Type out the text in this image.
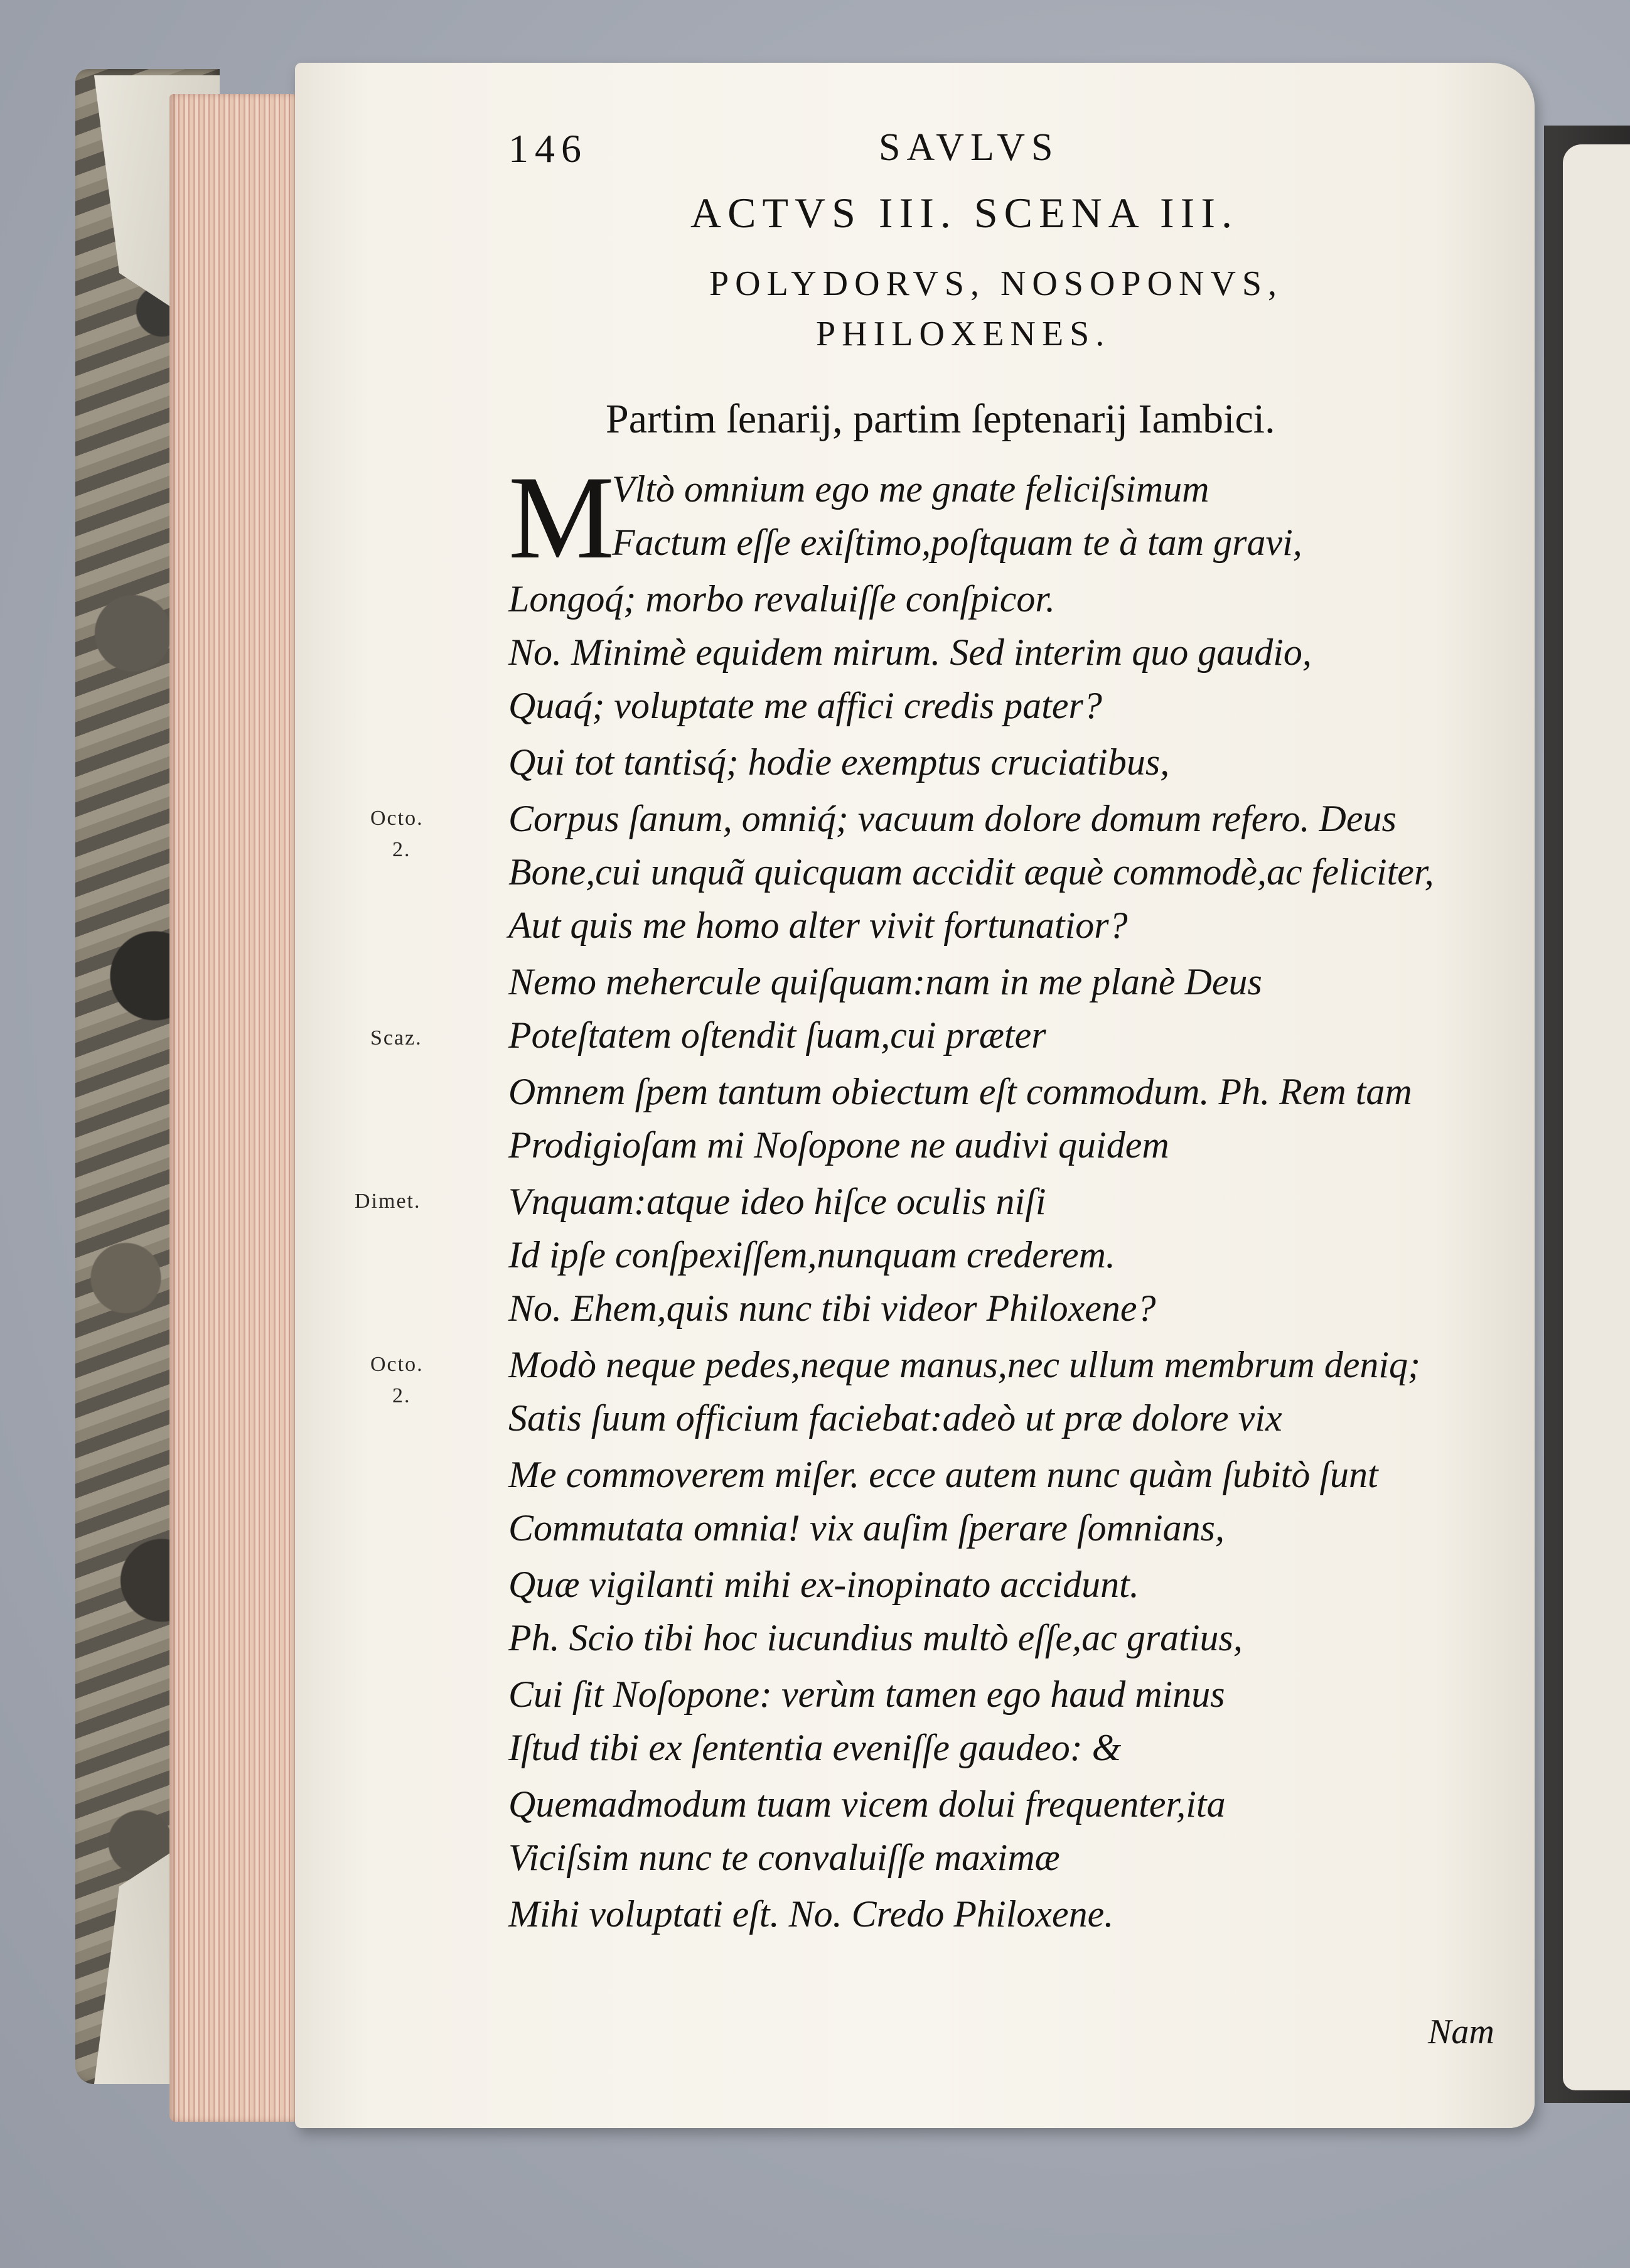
146	SAVLVS
ACTVS III. SCENA III.
POLYDORVS, NOSOPONVS,
PHILOXENES.
Partim ſenarij, partim ſeptenarij Iambici.
M
Vltò omnium ego me gnate feliciſsimum
Factum eſſe exiſtimo,poſtquam te à tam gravi,
Longoq́; morbo revaluiſſe conſpicor.
No. Minimè equidem mirum. Sed interim quo gaudio,
Quaq́; voluptate me affici credis pater?
Qui tot tantisq́; hodie exemptus cruciatibus,
Corpus ſanum, omniq́; vacuum dolore domum refero. Deus
Bone,cui unquã quicquam accidit æquè commodè,ac feliciter,
Aut quis me homo alter vivit fortunatior?
Nemo mehercule quiſquam:nam in me planè Deus
Poteſtatem oſtendit ſuam,cui præter
Omnem ſpem tantum obiectum eſt commodum. Ph. Rem tam
Prodigioſam mi Noſopone ne audivi quidem
Vnquam:atque ideo hiſce oculis niſi
Id ipſe conſpexiſſem,nunquam crederem.
No. Ehem,quis nunc tibi videor Philoxene?
Modò neque pedes,neque manus,nec ullum membrum deniq;
Satis ſuum officium faciebat:adeò ut præ dolore vix
Me commoverem miſer. ecce autem nunc quàm ſubitò ſunt
Commutata omnia! vix auſim ſperare ſomnians,
Quæ vigilanti mihi ex-inopinato accidunt.
Ph. Scio tibi hoc iucundius multò eſſe,ac gratius,
Cui ſit Noſopone: verùm tamen ego haud minus
Iſtud tibi ex ſententia eveniſſe gaudeo: &
Quemadmodum tuam vicem dolui frequenter,ita
Viciſsim nunc te convaluiſſe maximæ
Mihi voluptati eſt. No. Credo Philoxene.
Octo.
2.
Scaz.
Dimet.
Octo.
2.
Nam
